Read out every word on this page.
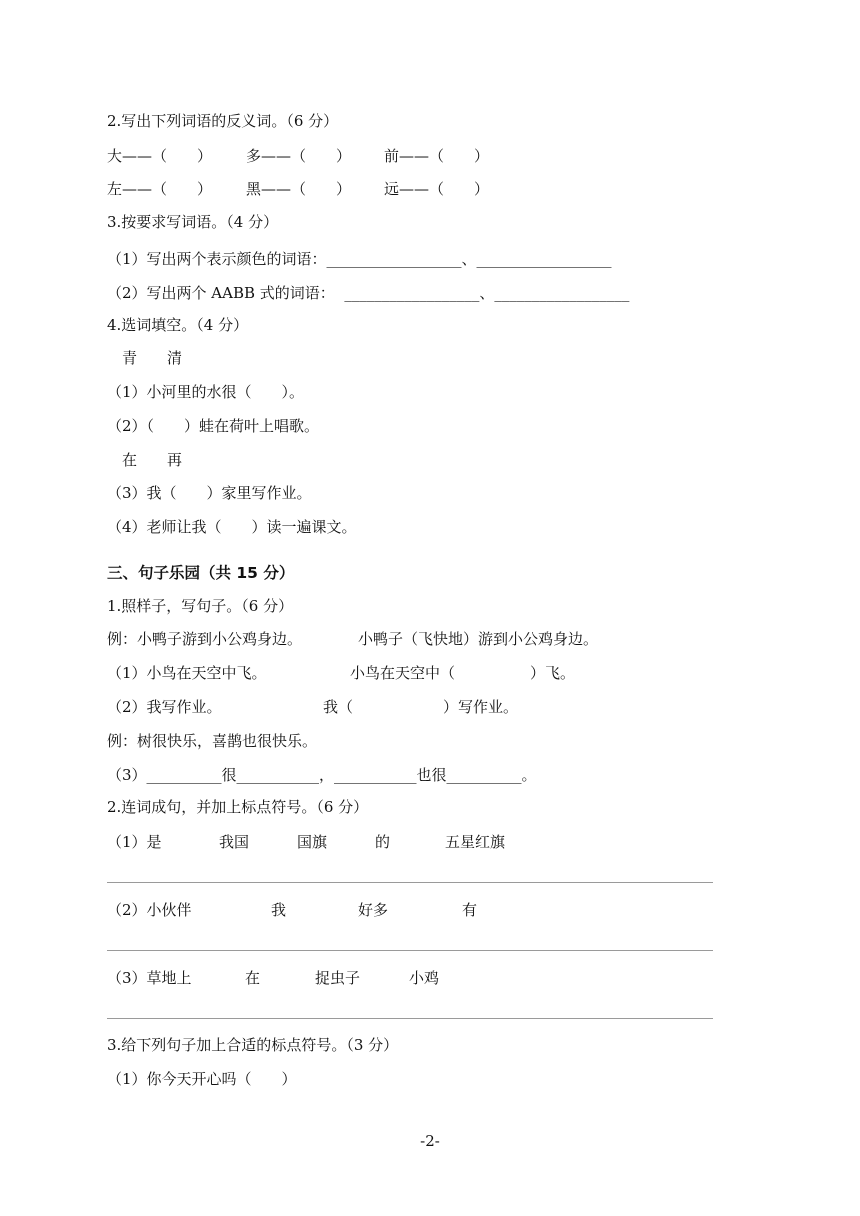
2.写出下列词语的反义词。（6 分）
大——（　　） 多——（　　） 前——（　　）
左——（　　） 黑——（　　） 远——（　　）
3.按要求写词语。（4 分）
（1）写出两个表示颜色的词语：__________________、__________________
（2）写出两个 AABB 式的词语：  __________________、__________________
4.选词填空。（4 分）
　青　　清
（1）小河里的水很（　　）。
（2）（　　）蛙在荷叶上唱歌。
　在　　再
（3）我（　　）家里写作业。
（4）老师让我（　　）读一遍课文。
三、句子乐园（共 15 分）
1.照样子，写句子。（6 分）
例：小鸭子游到小公鸡身边。	小鸭子（飞快地）游到小公鸡身边。
（1）小鸟在天空中飞。	小鸟在天空中（　　　　　）飞。
（2）我写作业。	我（　　　　　　）写作业。
例：树很快乐，喜鹊也很快乐。
（3）__________很___________，___________也很__________。
2.连词成句，并加上标点符号。（6 分）
（1）是	我国	国旗	的	五星红旗
（2）小伙伴	我	好多	有
（3）草地上	在	捉虫子	小鸡
3.给下列句子加上合适的标点符号。（3 分）
（1）你今天开心吗（　　）
-2-
